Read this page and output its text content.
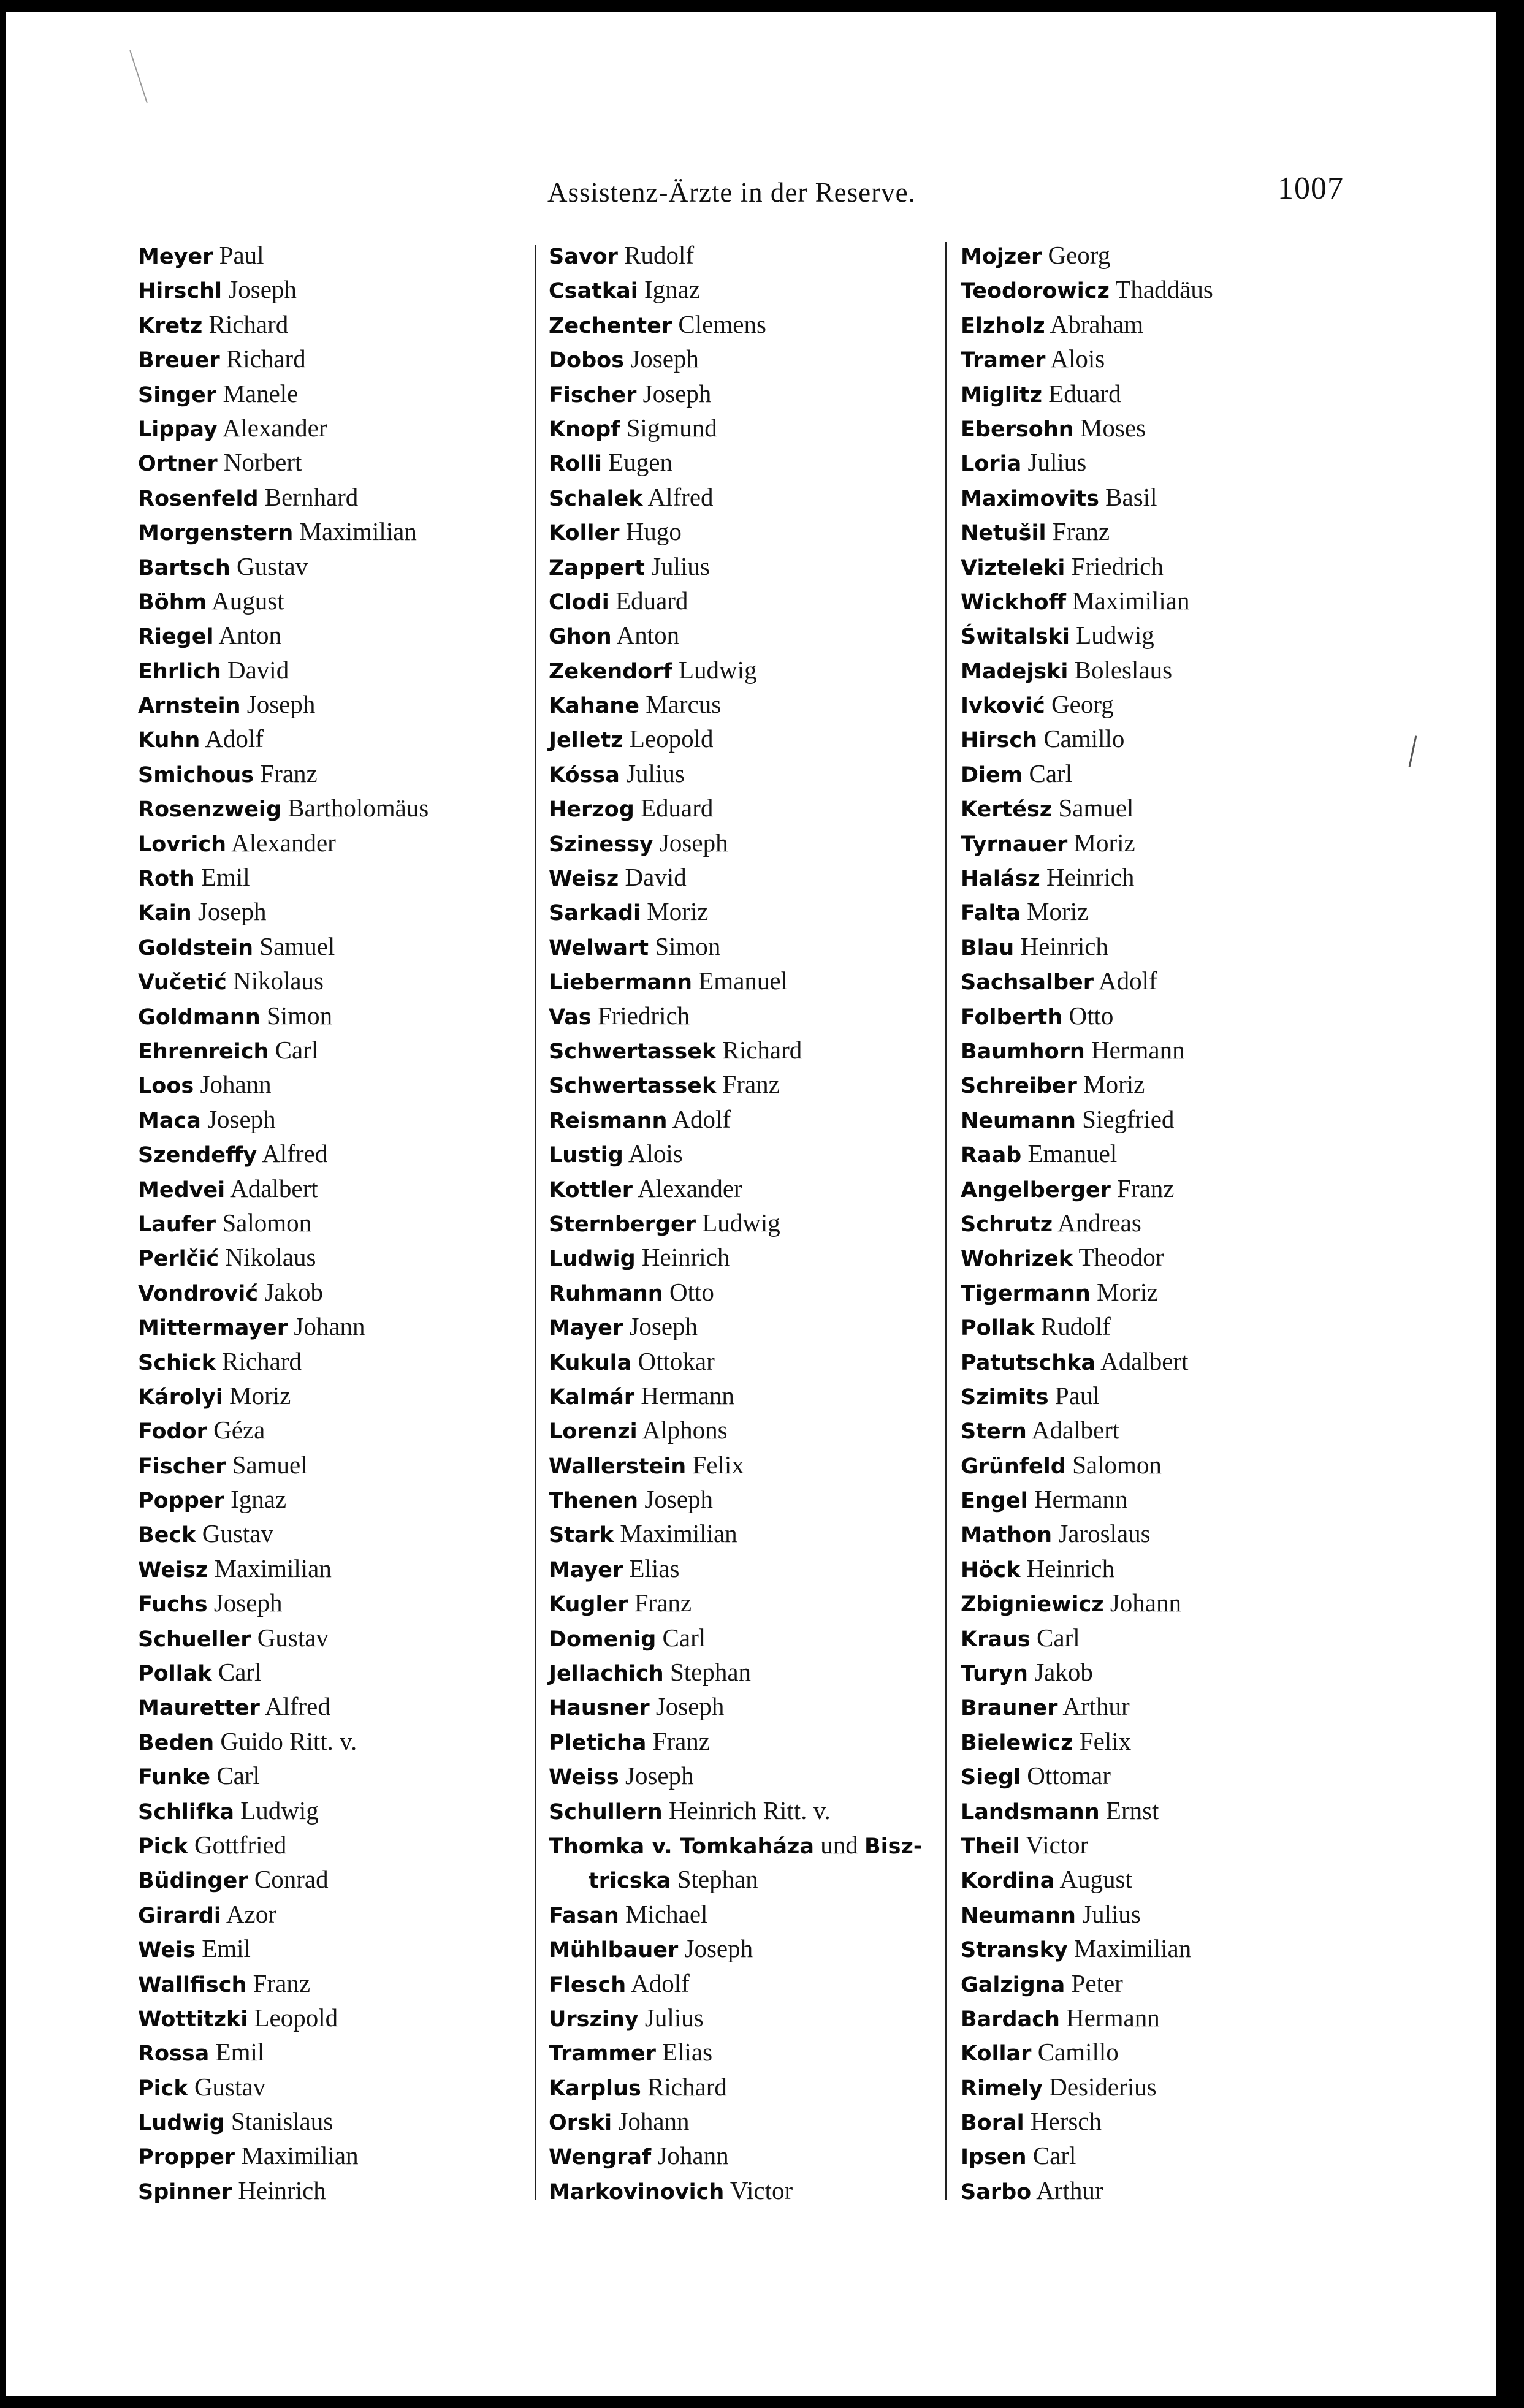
Assistenz-Ärzte in der Reserve.	1007
Meyer Paul
Hirschl Joseph
Kretz Richard
Breuer Richard
Singer Manele
Lippay Alexander
Ortner Norbert
Rosenfeld Bernhard
Morgenstern Maximilian
Bartsch Gustav
Böhm August
Riegel Anton
Ehrlich David
Arnstein Joseph
Kuhn Adolf
Smichous Franz
Rosenzweig Bartholomäus
Lovrich Alexander
Roth Emil
Kain Joseph
Goldstein Samuel
Vučetić Nikolaus
Goldmann Simon
Ehrenreich Carl
Loos Johann
Maca Joseph
Szendeffy Alfred
Medvei Adalbert
Laufer Salomon
Perlčić Nikolaus
Vondrović Jakob
Mittermayer Johann
Schick Richard
Károlyi Moriz
Fodor Géza
Fischer Samuel
Popper Ignaz
Beck Gustav
Weisz Maximilian
Fuchs Joseph
Schueller Gustav
Pollak Carl
Mauretter Alfred
Beden Guido Ritt. v.
Funke Carl
Schlifka Ludwig
Pick Gottfried
Büdinger Conrad
Girardi Azor
Weis Emil
Wallfisch Franz
Wottitzki Leopold
Rossa Emil
Pick Gustav
Ludwig Stanislaus
Propper Maximilian
Spinner Heinrich
Savor Rudolf
Csatkai Ignaz
Zechenter Clemens
Dobos Joseph
Fischer Joseph
Knopf Sigmund
Rolli Eugen
Schalek Alfred
Koller Hugo
Zappert Julius
Clodi Eduard
Ghon Anton
Zekendorf Ludwig
Kahane Marcus
Jelletz Leopold
Kóssa Julius
Herzog Eduard
Szinessy Joseph
Weisz David
Sarkadi Moriz
Welwart Simon
Liebermann Emanuel
Vas Friedrich
Schwertassek Richard
Schwertassek Franz
Reismann Adolf
Lustig Alois
Kottler Alexander
Sternberger Ludwig
Ludwig Heinrich
Ruhmann Otto
Mayer Joseph
Kukula Ottokar
Kalmár Hermann
Lorenzi Alphons
Wallerstein Felix
Thenen Joseph
Stark Maximilian
Mayer Elias
Kugler Franz
Domenig Carl
Jellachich Stephan
Hausner Joseph
Pleticha Franz
Weiss Joseph
Schullern Heinrich Ritt. v.
Thomka v. Tomkaháza und Bisz-
tricska Stephan
Fasan Michael
Mühlbauer Joseph
Flesch Adolf
Ursziny Julius
Trammer Elias
Karplus Richard
Orski Johann
Wengraf Johann
Markovinovich Victor
Mojzer Georg
Teodorowicz Thaddäus
Elzholz Abraham
Tramer Alois
Miglitz Eduard
Ebersohn Moses
Loria Julius
Maximovits Basil
Netušil Franz
Vizteleki Friedrich
Wickhoff Maximilian
Świtalski Ludwig
Madejski Boleslaus
Ivković Georg
Hirsch Camillo
Diem Carl
Kertész Samuel
Tyrnauer Moriz
Halász Heinrich
Falta Moriz
Blau Heinrich
Sachsalber Adolf
Folberth Otto
Baumhorn Hermann
Schreiber Moriz
Neumann Siegfried
Raab Emanuel
Angelberger Franz
Schrutz Andreas
Wohrizek Theodor
Tigermann Moriz
Pollak Rudolf
Patutschka Adalbert
Szimits Paul
Stern Adalbert
Grünfeld Salomon
Engel Hermann
Mathon Jaroslaus
Höck Heinrich
Zbigniewicz Johann
Kraus Carl
Turyn Jakob
Brauner Arthur
Bielewicz Felix
Siegl Ottomar
Landsmann Ernst
Theil Victor
Kordina August
Neumann Julius
Stransky Maximilian
Galzigna Peter
Bardach Hermann
Kollar Camillo
Rimely Desiderius
Boral Hersch
Ipsen Carl
Sarbo Arthur
